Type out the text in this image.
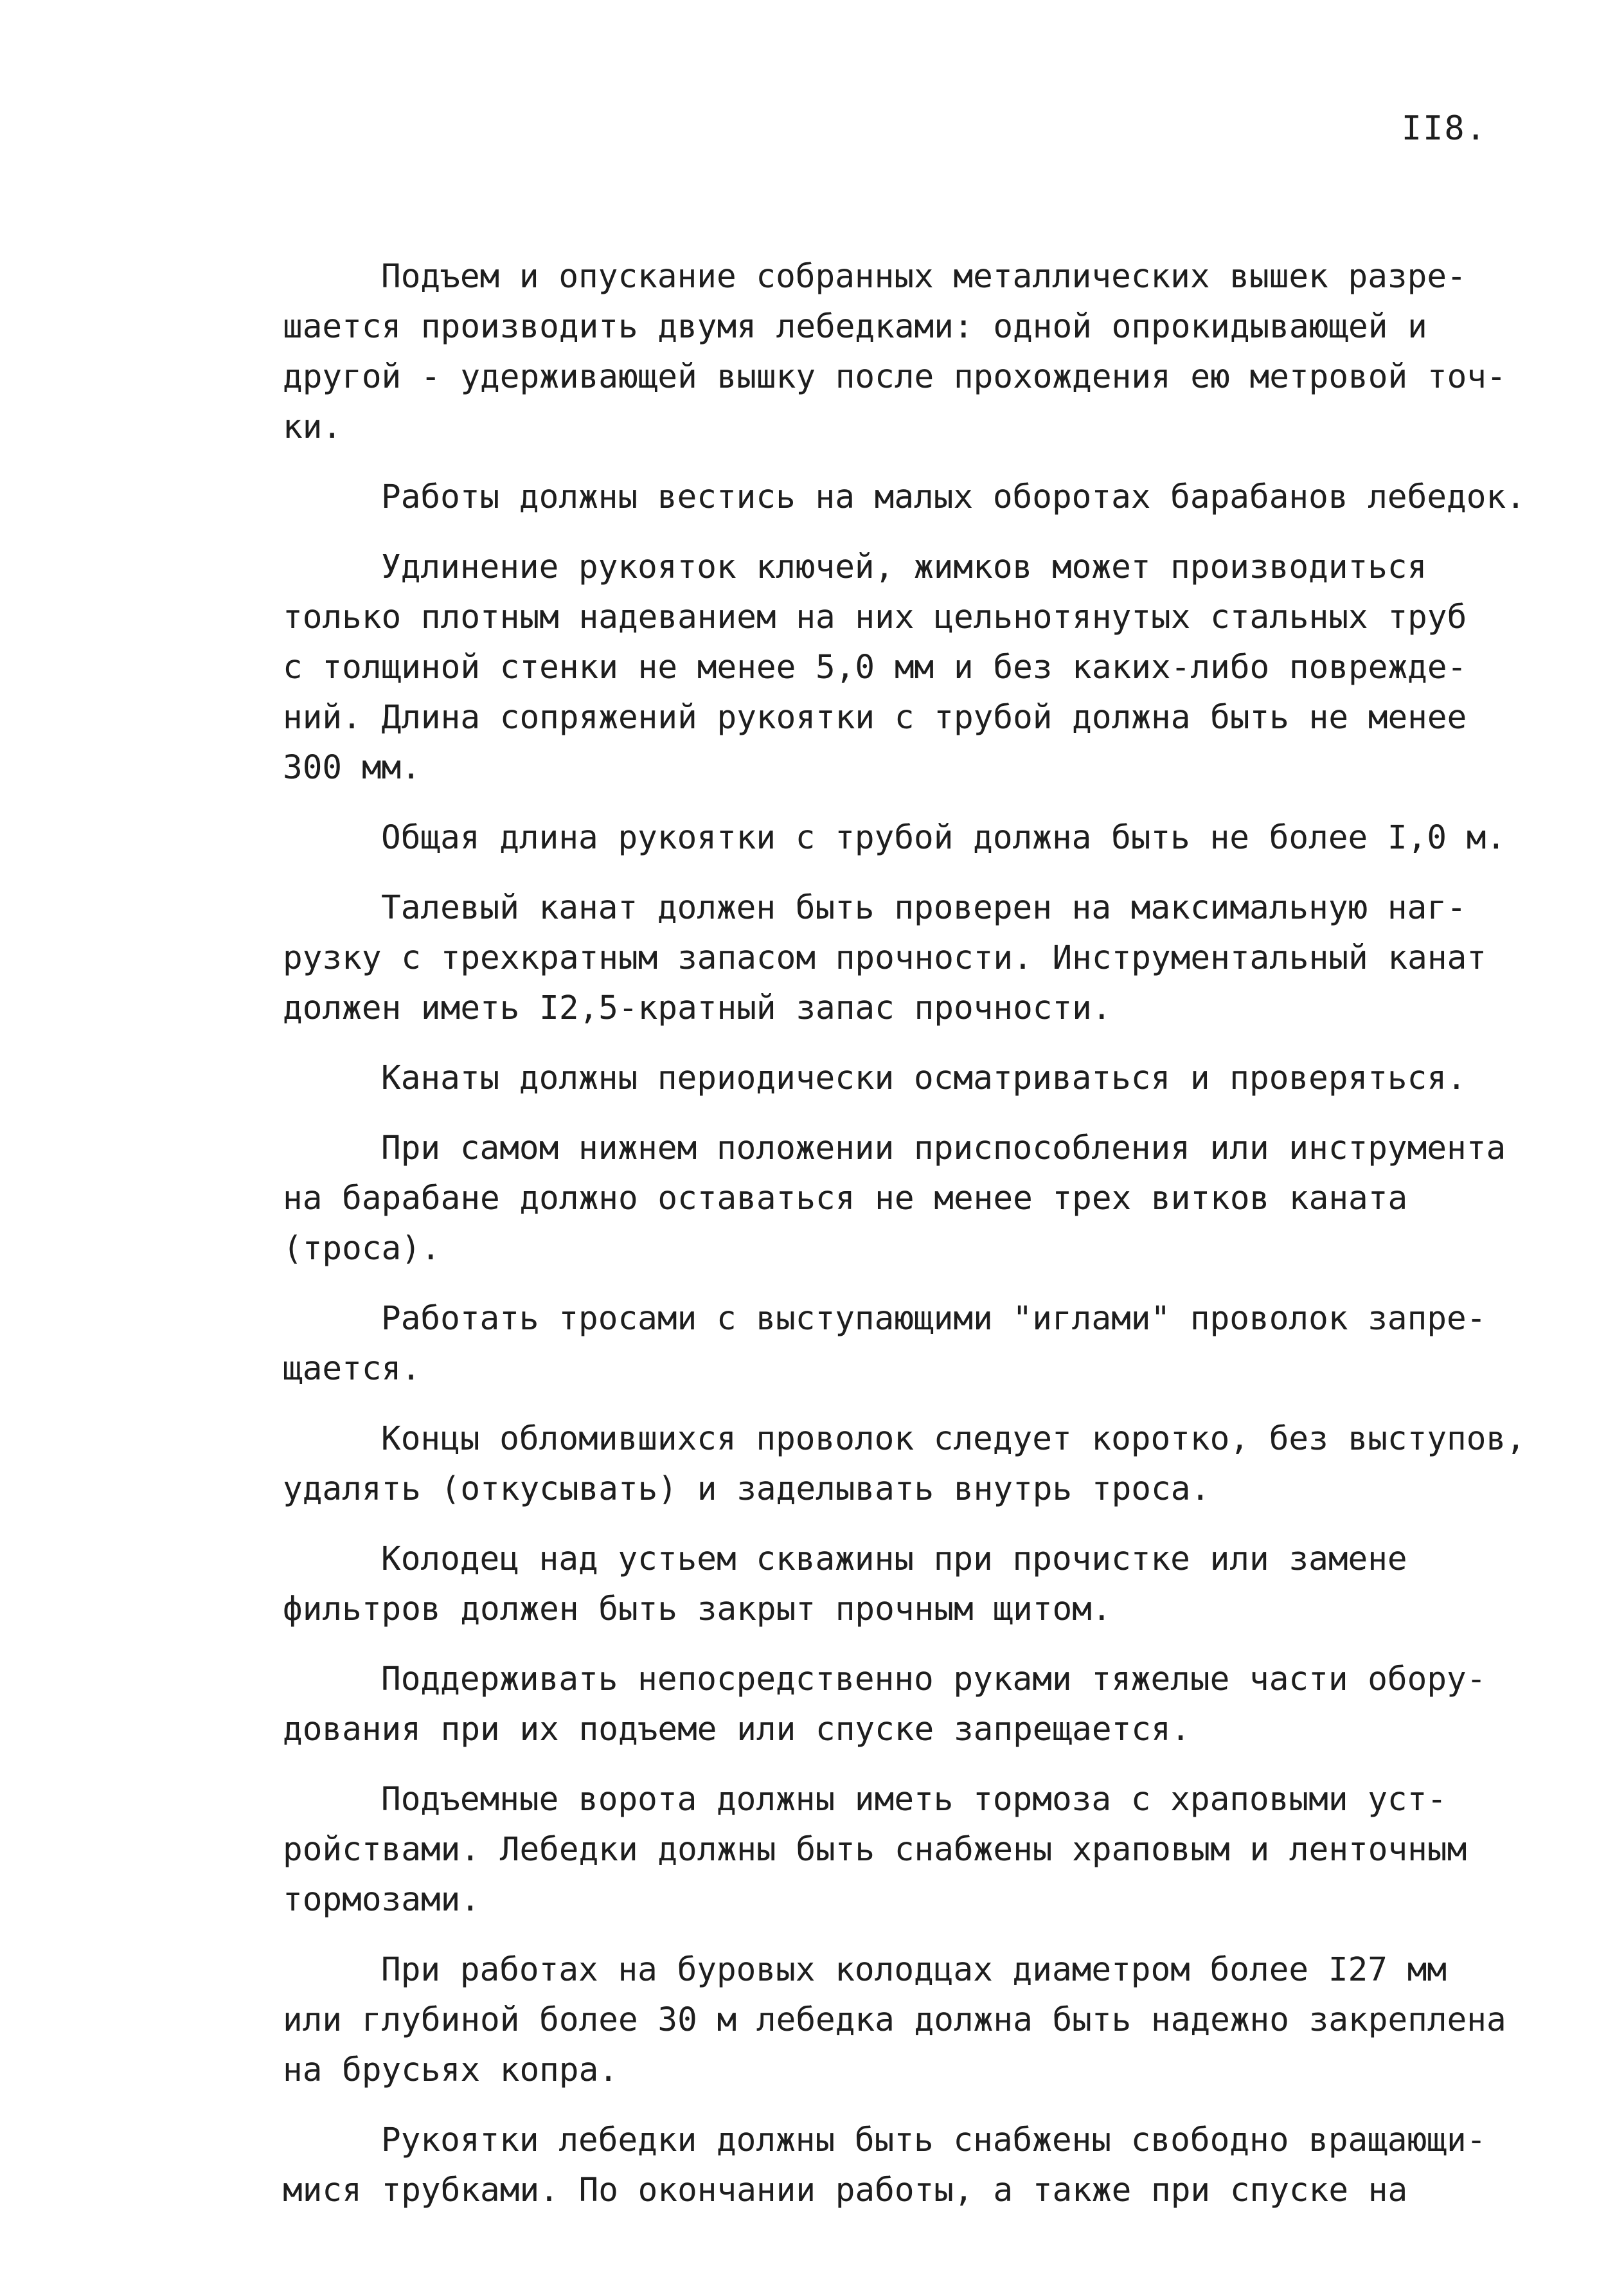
II8.

Подъем и опускание собранных металлических вышек разре-
шается производить двумя лебедками: одной опрокидывающей и
другой - удерживающей вышку после прохождения ею метровой точ-
ки.

Работы должны вестись на малых оборотах барабанов лебедок.

Удлинение рукояток ключей, жимков может производиться
только плотным надеванием на них цельнотянутых стальных труб
с толщиной стенки не менее 5,0 мм и без каких-либо поврежде-
ний. Длина сопряжений рукоятки с трубой должна быть не менее
300 мм.

Общая длина рукоятки с трубой должна быть не более I,0 м.

Талевый канат должен быть проверен на максимальную наг-
рузку с трехкратным запасом прочности. Инструментальный канат
должен иметь I2,5-кратный запас прочности.

Канаты должны периодически осматриваться и проверяться.

При самом нижнем положении приспособления или инструмента
на барабане должно оставаться не менее трех витков каната
(троса).

Работать тросами с выступающими "иглами" проволок запре-
щается.

Концы обломившихся проволок следует коротко, без выступов,
удалять (откусывать) и заделывать внутрь троса.

Колодец над устьем скважины при прочистке или замене
фильтров должен быть закрыт прочным щитом.

Поддерживать непосредственно руками тяжелые части обору-
дования при их подъеме или спуске запрещается.

Подъемные ворота должны иметь тормоза с храповыми уст-
ройствами. Лебедки должны быть снабжены храповым и ленточным
тормозами.

При работах на буровых колодцах диаметром более I27 мм
или глубиной более 30 м лебедка должна быть надежно закреплена
на брусьях копра.

Рукоятки лебедки должны быть снабжены свободно вращающи-
мися трубками. По окончании работы, а также при спуске на
